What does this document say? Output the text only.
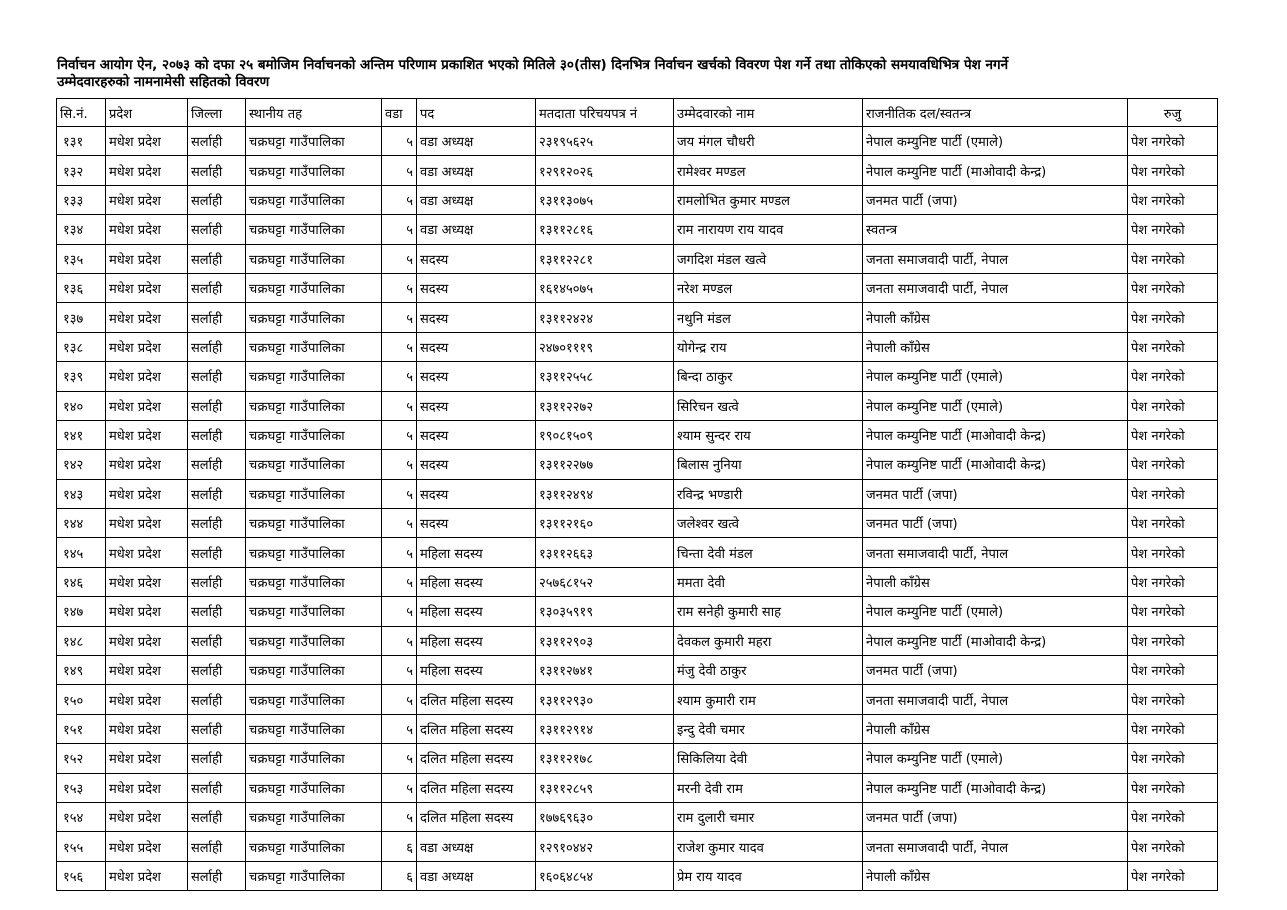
निर्वाचन आयोग ऐन, २०७३ को दफा २५ बमोजिम निर्वाचनको अन्तिम परिणाम प्रकाशित भएको मितिले ३०(तीस) दिनभित्र निर्वाचन खर्चको विवरण पेश गर्ने तथा तोकिएको समयावधिभित्र पेश नगर्ने
उम्मेदवारहरुको नामनामेसी सहितको विवरण
सि.नं.	प्रदेश	जिल्ला	स्थानीय तह	वडा	पद	मतदाता परिचयपत्र नं	उम्मेदवारको नाम	राजनीतिक दल/स्वतन्त्र	रुजु
१३१	मधेश प्रदेश	सर्लाही	चक्रघट्टा गाउँपालिका	५	वडा अध्यक्ष	२३१९५६२५	जय मंगल चौधरी	नेपाल कम्युनिष्ट पार्टी (एमाले)	पेश नगरेको
१३२	मधेश प्रदेश	सर्लाही	चक्रघट्टा गाउँपालिका	५	वडा अध्यक्ष	१२९१२०२६	रामेश्वर मण्डल	नेपाल कम्युनिष्ट पार्टी (माओवादी केन्द्र)	पेश नगरेको
१३३	मधेश प्रदेश	सर्लाही	चक्रघट्टा गाउँपालिका	५	वडा अध्यक्ष	१३११३०७५	रामलोभित कुमार मण्डल	जनमत पार्टी (जपा)	पेश नगरेको
१३४	मधेश प्रदेश	सर्लाही	चक्रघट्टा गाउँपालिका	५	वडा अध्यक्ष	१३११२८१६	राम नारायण राय यादव	स्वतन्त्र	पेश नगरेको
१३५	मधेश प्रदेश	सर्लाही	चक्रघट्टा गाउँपालिका	५	सदस्य	१३११२२८१	जगदिश मंडल खत्वे	जनता समाजवादी पार्टी, नेपाल	पेश नगरेको
१३६	मधेश प्रदेश	सर्लाही	चक्रघट्टा गाउँपालिका	५	सदस्य	१६१४५०७५	नरेश मण्डल	जनता समाजवादी पार्टी, नेपाल	पेश नगरेको
१३७	मधेश प्रदेश	सर्लाही	चक्रघट्टा गाउँपालिका	५	सदस्य	१३११२४२४	नथुनि मंडल	नेपाली काँग्रेस	पेश नगरेको
१३८	मधेश प्रदेश	सर्लाही	चक्रघट्टा गाउँपालिका	५	सदस्य	२४७०१११९	योगेन्द्र राय	नेपाली काँग्रेस	पेश नगरेको
१३९	मधेश प्रदेश	सर्लाही	चक्रघट्टा गाउँपालिका	५	सदस्य	१३११२५५८	बिन्दा ठाकुर	नेपाल कम्युनिष्ट पार्टी (एमाले)	पेश नगरेको
१४०	मधेश प्रदेश	सर्लाही	चक्रघट्टा गाउँपालिका	५	सदस्य	१३११२२७२	सिरिचन खत्वे	नेपाल कम्युनिष्ट पार्टी (एमाले)	पेश नगरेको
१४१	मधेश प्रदेश	सर्लाही	चक्रघट्टा गाउँपालिका	५	सदस्य	१९०८१५०९	श्याम सुन्दर राय	नेपाल कम्युनिष्ट पार्टी (माओवादी केन्द्र)	पेश नगरेको
१४२	मधेश प्रदेश	सर्लाही	चक्रघट्टा गाउँपालिका	५	सदस्य	१३११२२७७	बिलास नुनिया	नेपाल कम्युनिष्ट पार्टी (माओवादी केन्द्र)	पेश नगरेको
१४३	मधेश प्रदेश	सर्लाही	चक्रघट्टा गाउँपालिका	५	सदस्य	१३११२४९४	रविन्द्र भण्डारी	जनमत पार्टी (जपा)	पेश नगरेको
१४४	मधेश प्रदेश	सर्लाही	चक्रघट्टा गाउँपालिका	५	सदस्य	१३११२१६०	जलेश्वर खत्वे	जनमत पार्टी (जपा)	पेश नगरेको
१४५	मधेश प्रदेश	सर्लाही	चक्रघट्टा गाउँपालिका	५	महिला सदस्य	१३११२६६३	चिन्ता देवी मंडल	जनता समाजवादी पार्टी, नेपाल	पेश नगरेको
१४६	मधेश प्रदेश	सर्लाही	चक्रघट्टा गाउँपालिका	५	महिला सदस्य	२५७६८१५२	ममता देवी	नेपाली काँग्रेस	पेश नगरेको
१४७	मधेश प्रदेश	सर्लाही	चक्रघट्टा गाउँपालिका	५	महिला सदस्य	१३०३५९१९	राम सनेही कुमारी साह	नेपाल कम्युनिष्ट पार्टी (एमाले)	पेश नगरेको
१४८	मधेश प्रदेश	सर्लाही	चक्रघट्टा गाउँपालिका	५	महिला सदस्य	१३११२९०३	देवकल कुमारी महरा	नेपाल कम्युनिष्ट पार्टी (माओवादी केन्द्र)	पेश नगरेको
१४९	मधेश प्रदेश	सर्लाही	चक्रघट्टा गाउँपालिका	५	महिला सदस्य	१३११२७४१	मंजु देवी ठाकुर	जनमत पार्टी (जपा)	पेश नगरेको
१५०	मधेश प्रदेश	सर्लाही	चक्रघट्टा गाउँपालिका	५	दलित महिला सदस्य	१३११२९३०	श्याम कुमारी राम	जनता समाजवादी पार्टी, नेपाल	पेश नगरेको
१५१	मधेश प्रदेश	सर्लाही	चक्रघट्टा गाउँपालिका	५	दलित महिला सदस्य	१३११२९१४	इन्दु देवी चमार	नेपाली काँग्रेस	पेश नगरेको
१५२	मधेश प्रदेश	सर्लाही	चक्रघट्टा गाउँपालिका	५	दलित महिला सदस्य	१३११२१७८	सिकिलिया देवी	नेपाल कम्युनिष्ट पार्टी (एमाले)	पेश नगरेको
१५३	मधेश प्रदेश	सर्लाही	चक्रघट्टा गाउँपालिका	५	दलित महिला सदस्य	१३११२८५९	मरनी देवी राम	नेपाल कम्युनिष्ट पार्टी (माओवादी केन्द्र)	पेश नगरेको
१५४	मधेश प्रदेश	सर्लाही	चक्रघट्टा गाउँपालिका	५	दलित महिला सदस्य	१७७६९६३०	राम दुलारी चमार	जनमत पार्टी (जपा)	पेश नगरेको
१५५	मधेश प्रदेश	सर्लाही	चक्रघट्टा गाउँपालिका	६	वडा अध्यक्ष	१२९१०४४२	राजेश कुमार यादव	जनता समाजवादी पार्टी, नेपाल	पेश नगरेको
१५६	मधेश प्रदेश	सर्लाही	चक्रघट्टा गाउँपालिका	६	वडा अध्यक्ष	१६०६४८५४	प्रेम राय यादव	नेपाली काँग्रेस	पेश नगरेको
